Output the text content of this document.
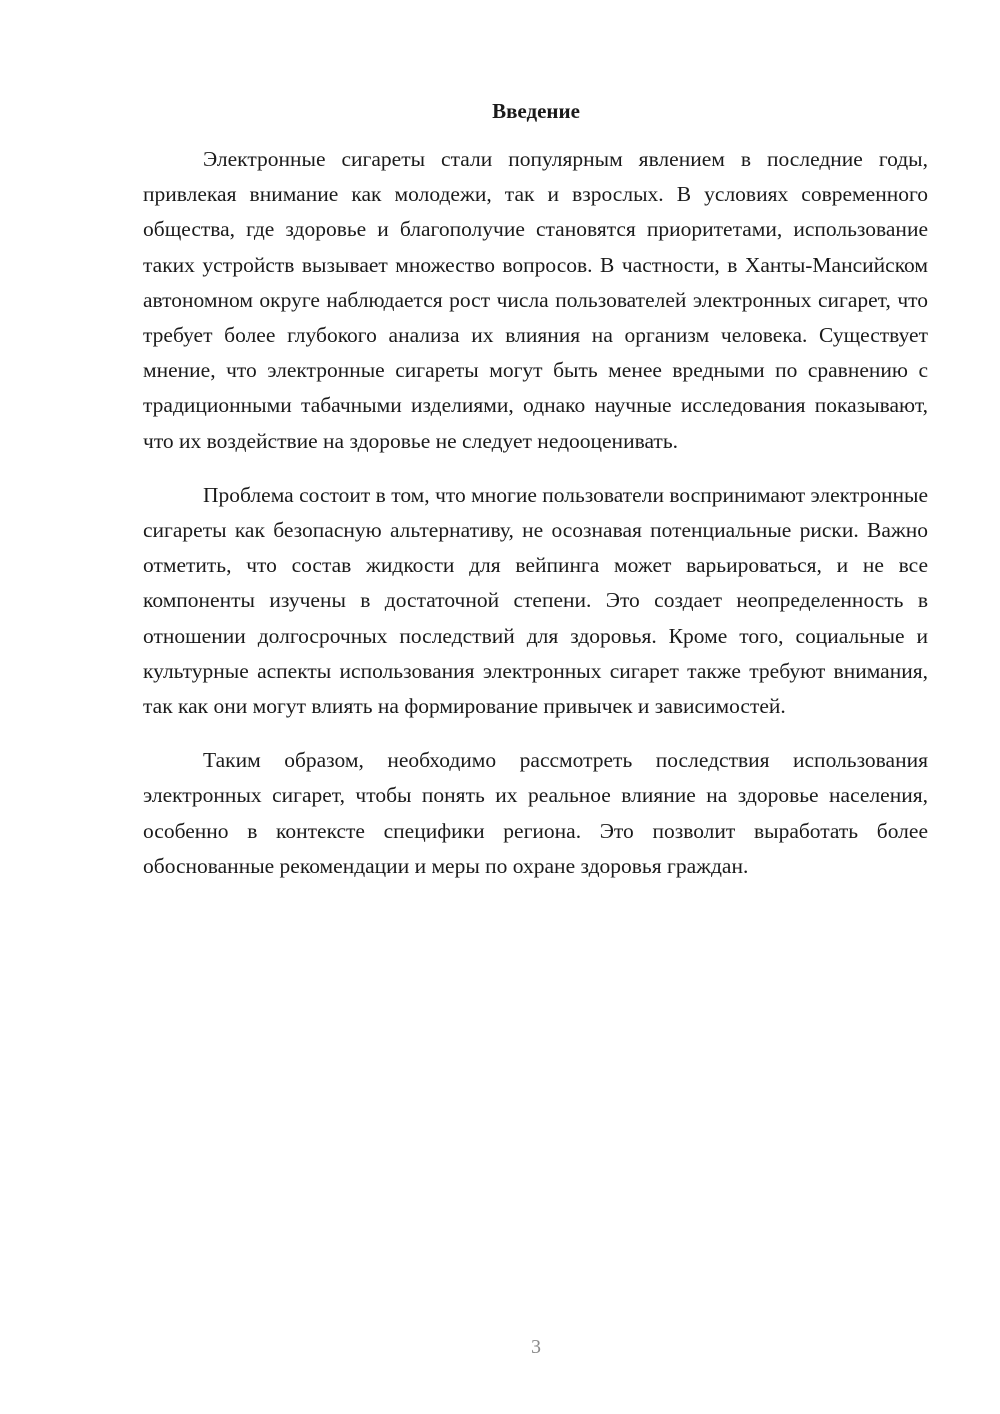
Введение

Электронные сигареты стали популярным явлением в последние годы, привлекая внимание как молодежи, так и взрослых. В условиях современного общества, где здоровье и благополучие становятся приоритетами, использование таких устройств вызывает множество вопросов. В частности, в Ханты-Мансийском автономном округе наблюдается рост числа пользователей электронных сигарет, что требует более глубокого анализа их влияния на организм человека. Существует мнение, что электронные сигареты могут быть менее вредными по сравнению с традиционными табачными изделиями, однако научные исследования показывают, что их воздействие на здоровье не следует недооценивать.

Проблема состоит в том, что многие пользователи воспринимают электронные сигареты как безопасную альтернативу, не осознавая потенциальные риски. Важно отметить, что состав жидкости для вейпинга может варьироваться, и не все компоненты изучены в достаточной степени. Это создает неопределенность в отношении долгосрочных последствий для здоровья. Кроме того, социальные и культурные аспекты использования электронных сигарет также требуют внимания, так как они могут влиять на формирование привычек и зависимостей.

Таким образом, необходимо рассмотреть последствия использования электронных сигарет, чтобы понять их реальное влияние на здоровье населения, особенно в контексте специфики региона. Это позволит выработать более обоснованные рекомендации и меры по охране здоровья граждан.

3
